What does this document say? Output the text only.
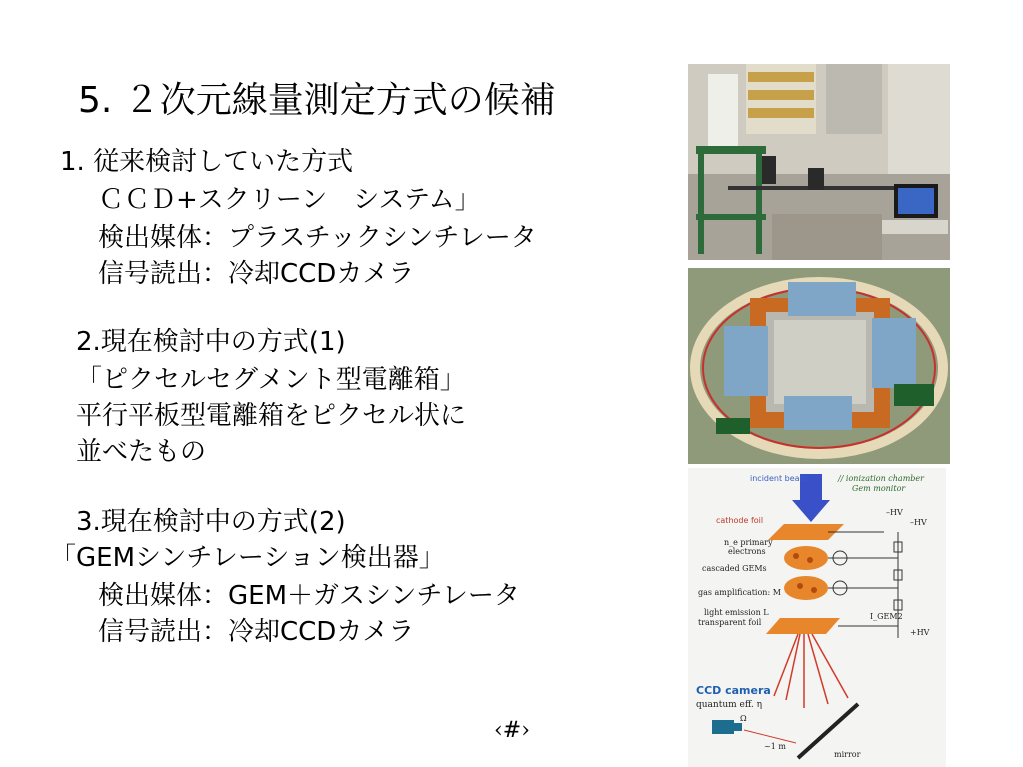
5. ２次元線量測定方式の候補
1. 従来検討していた方式
ＣＣＤ+スクリーン　システム」
検出媒体：プラスチックシンチレータ
信号読出：冷却CCDカメラ
2.現在検討中の方式(1)
「ピクセルセグメント型電離箱」
平行平板型電離箱をピクセル状に
並べたもの
3.現在検討中の方式(2)
「GEMシンチレーション検出器」
検出媒体：GEM＋ガスシンチレータ
信号読出：冷却CCDカメラ
‹#›
incident beam	// ionization chamber
Gem monitor
cathode foil
–HV
–HV
n_e primary
electrons
cascaded GEMs
gas amplification: M
light emission L
transparent foil
I_GEM2
+HV
CCD camera
quantum eff. η
Ω
~1 m
mirror
